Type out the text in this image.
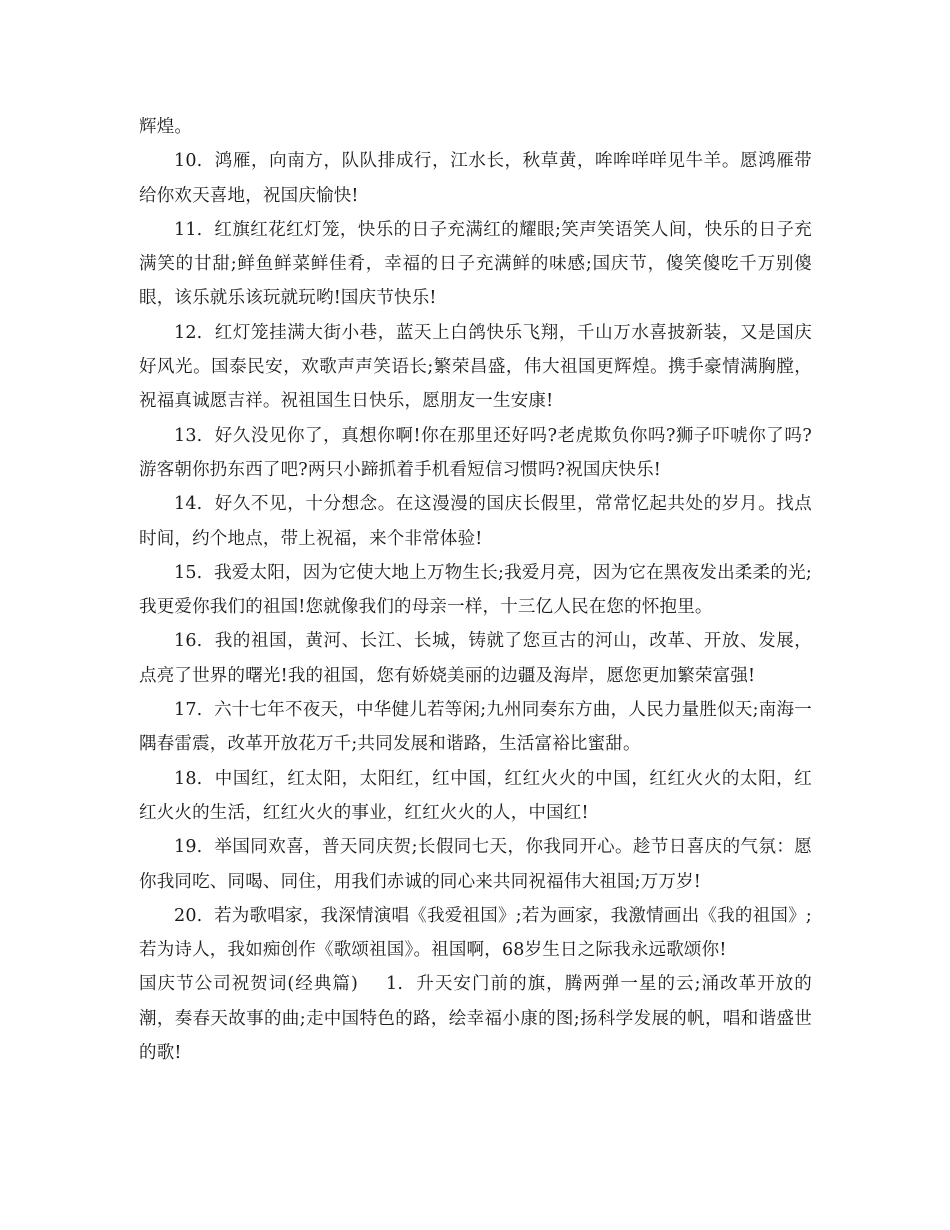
辉煌。

10. 鸿雁，向南方，队队排成行，江水长，秋草黄，哞哞咩咩见牛羊。愿鸿雁带给你欢天喜地，祝国庆愉快!

11. 红旗红花红灯笼，快乐的日子充满红的耀眼;笑声笑语笑人间，快乐的日子充满笑的甘甜;鲜鱼鲜菜鲜佳肴，幸福的日子充满鲜的味感;国庆节，傻笑傻吃千万别傻眼，该乐就乐该玩就玩哟!国庆节快乐!

12. 红灯笼挂满大街小巷，蓝天上白鸽快乐飞翔，千山万水喜披新装，又是国庆好风光。国泰民安，欢歌声声笑语长;繁荣昌盛，伟大祖国更辉煌。携手豪情满胸膛，祝福真诚愿吉祥。祝祖国生日快乐，愿朋友一生安康!

13. 好久没见你了，真想你啊!你在那里还好吗?老虎欺负你吗?狮子吓唬你了吗?游客朝你扔东西了吧?两只小蹄抓着手机看短信习惯吗?祝国庆快乐!

14. 好久不见，十分想念。在这漫漫的国庆长假里，常常忆起共处的岁月。找点时间，约个地点，带上祝福，来个非常体验!

15. 我爱太阳，因为它使大地上万物生长;我爱月亮，因为它在黑夜发出柔柔的光;我更爱你我们的祖国!您就像我们的母亲一样，十三亿人民在您的怀抱里。

16. 我的祖国，黄河、长江、长城，铸就了您亘古的河山，改革、开放、发展，点亮了世界的曙光!我的祖国，您有娇娆美丽的边疆及海岸，愿您更加繁荣富强!

17. 六十七年不夜天，中华健儿若等闲;九州同奏东方曲，人民力量胜似天;南海一隅春雷震，改革开放花万千;共同发展和谐路，生活富裕比蜜甜。

18. 中国红，红太阳，太阳红，红中国，红红火火的中国，红红火火的太阳，红红火火的生活，红红火火的事业，红红火火的人，中国红!

19. 举国同欢喜，普天同庆贺;长假同七天，你我同开心。趁节日喜庆的气氛：愿你我同吃、同喝、同住，用我们赤诚的同心来共同祝福伟大祖国;万万岁!

20. 若为歌唱家，我深情演唱《我爱祖国》;若为画家，我激情画出《我的祖国》;若为诗人，我如痴创作《歌颂祖国》。祖国啊，68岁生日之际我永远歌颂你!

国庆节公司祝贺词(经典篇) 1. 升天安门前的旗，腾两弹一星的云;涌改革开放的潮，奏春天故事的曲;走中国特色的路，绘幸福小康的图;扬科学发展的帆，唱和谐盛世的歌!
